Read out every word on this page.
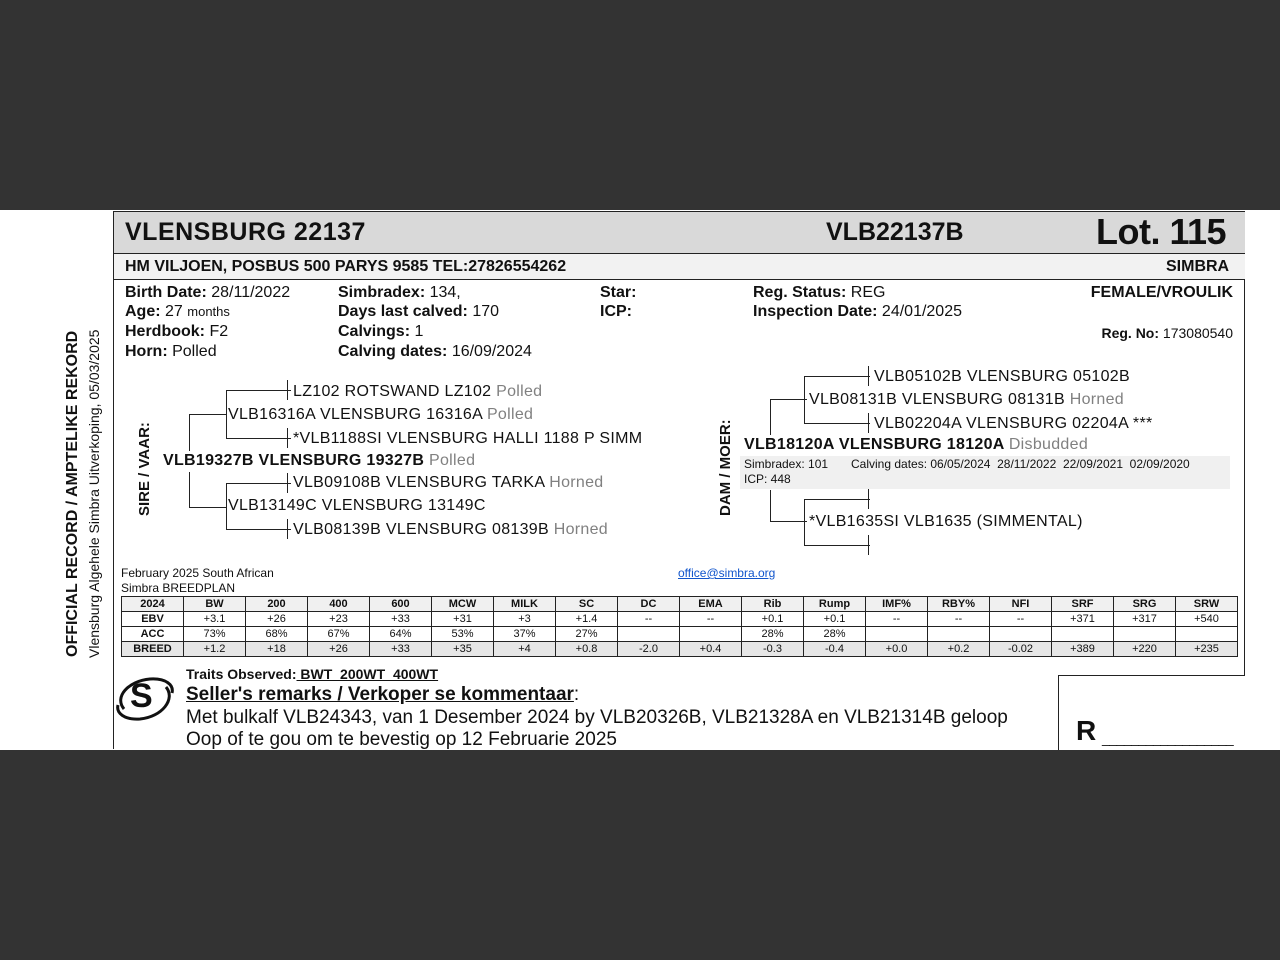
VLENSBURG 22137	VLB22137B	Lot. 115
HM VILJOEN, POSBUS 500 PARYS 9585 TEL:27826554262	SIMBRA
OFFICIAL RECORD / AMPTELIKE REKORD Vlensburg Algehele Simbra Uitverkoping, 05/03/2025
Birth Date: 28/11/2022
Age: 27 months
Herdbook: F2
Horn: Polled
Simbradex: 134,
Days last calved: 170
Calvings: 1
Calving dates: 16/09/2024
Star:
ICP:
Reg. Status: REG
Inspection Date: 24/01/2025
FEMALE/VROULIK
Reg. No: 173080540
SIRE / VAAR: VLB19327B VLENSBURG 19327B Polled
VLB16316A VLENSBURG 16316A Polled
LZ102 ROTSWAND LZ102 Polled
*VLB1188SI VLENSBURG HALLI 1188 P SIMM
VLB13149C VLENSBURG 13149C
VLB09108B VLENSBURG TARKA Horned
VLB08139B VLENSBURG 08139B Horned
DAM / MOER: VLB18120A VLENSBURG 18120A Disbudded
VLB08131B VLENSBURG 08131B Horned
VLB05102B VLENSBURG 05102B
VLB02204A VLENSBURG 02204A ***
*VLB1635SI VLB1635 (SIMMENTAL)
Simbradex: 101 Calving dates: 06/05/2024  28/11/2022  22/09/2021  02/09/2020
ICP: 448
February 2025 South African
Simbra BREEDPLAN
office@simbra.org
2024	BW	200	400	600	MCW	MILK	SC	DC	EMA	Rib	Rump	IMF%	RBY%	NFI	SRF	SRG	SRW
EBV	+3.1	+26	+23	+33	+31	+3	+1.4	--	--	+0.1	+0.1	--	--	--	+371	+317	+540
ACC	73%	68%	67%	64%	53%	37%	27%			28%	28%						
BREED	+1.2	+18	+26	+33	+35	+4	+0.8	-2.0	+0.4	-0.3	-0.4	+0.0	+0.2	-0.02	+389	+220	+235
Traits Observed: BWT  200WT  400WT
S Seller's remarks / Verkoper se kommentaar:
Met bulkalf VLB24343, van 1 Desember 2024 by VLB20326B, VLB21328A en VLB21314B geloop
Oop of te gou om te bevestig op 12 Februarie 2025	R __________________
